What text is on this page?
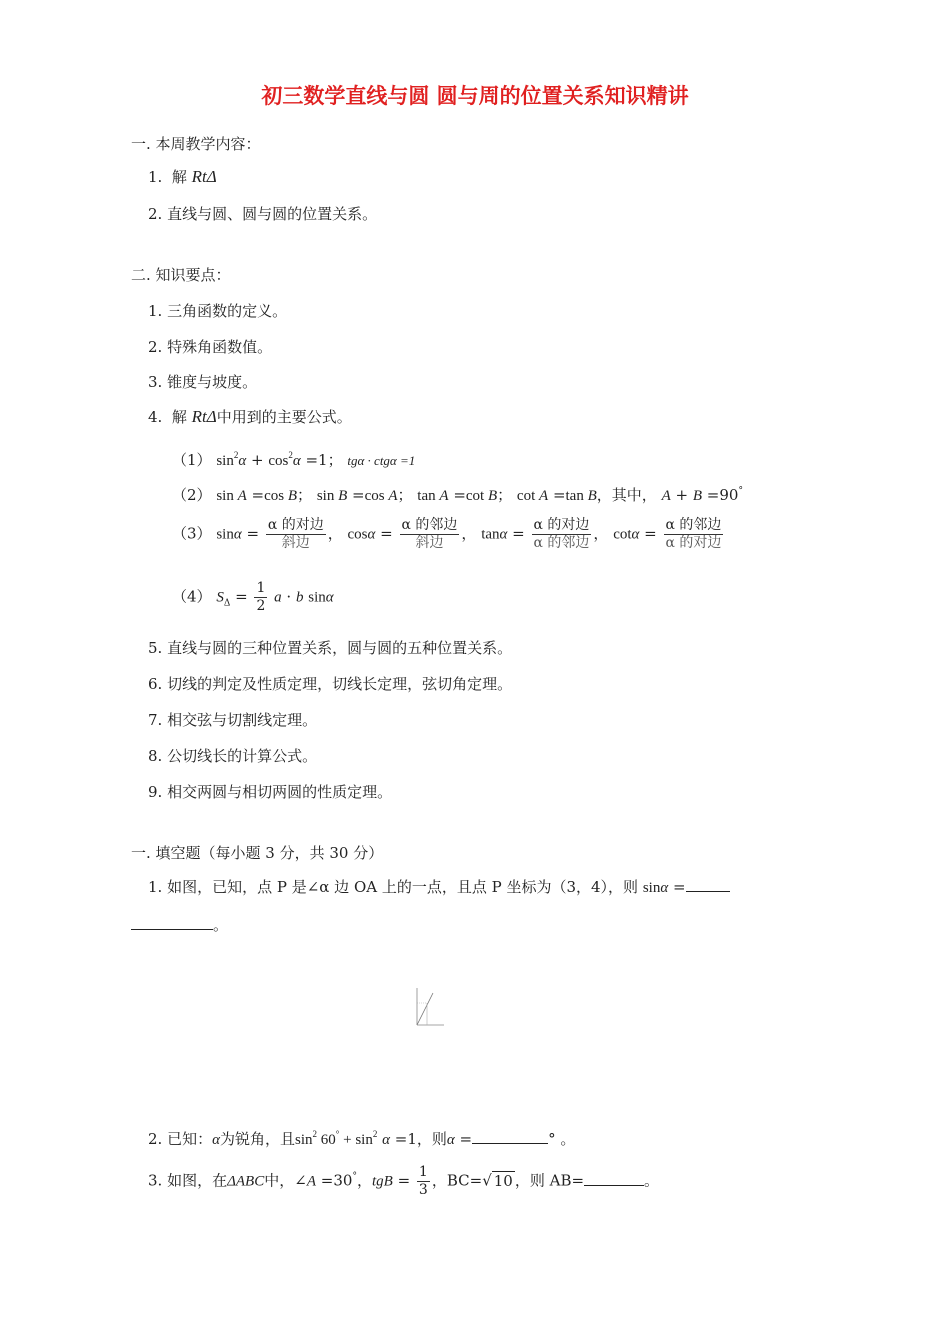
初三数学直线与圆 圆与周的位置关系知识精讲
一. 本周教学内容：
1.  解 RtΔ
2. 直线与圆、圆与圆的位置关系。
二. 知识要点：
1. 三角函数的定义。
2. 特殊角函数值。
3. 锥度与坡度。
4.  解 RtΔ中用到的主要公式。
（1） $\sin^2\alpha + \cos^2\alpha =1$； tgα · ctgα =1
（2） sin A =cos B； sin B =cos A； tan A =cot B； cot A =tan B，其中， A + B =90°
（3） $\sin\alpha = \frac{\text{α 的对边}}{\text{斜边}}$ ， $\cos\alpha = \frac{\text{α 的邻边}}{\text{斜边}}$ ， $\tan\alpha = \frac{\text{α 的对边}}{\text{α 的邻边}}$ ， $\cot\alpha = \frac{\text{α 的邻边}}{\text{α 的对边}}$
（4） $S_\Delta = \frac{1}{2}$ a · b sinα
5. 直线与圆的三种位置关系，圆与圆的五种位置关系。
6. 切线的判定及性质定理，切线长定理，弦切角定理。
7. 相交弦与切割线定理。
8. 公切线长的计算公式。
9. 相交两圆与相切两圆的性质定理。
一. 填空题（每小题 3 分，共 30 分）
1. 如图，已知，点 P 是∠α 边 OA 上的一点，且点 P 坐标为（3，4），则 sinα =
。
2. 已知：α为锐角，且$\sin^2 60^\circ + \sin^2 \alpha =1$，则α =	° 。
3. 如图，在ΔABC中，∠A =30°，tgB = $\frac{1}{3}$ ，BC=√ 10 ，则 AB=	。
